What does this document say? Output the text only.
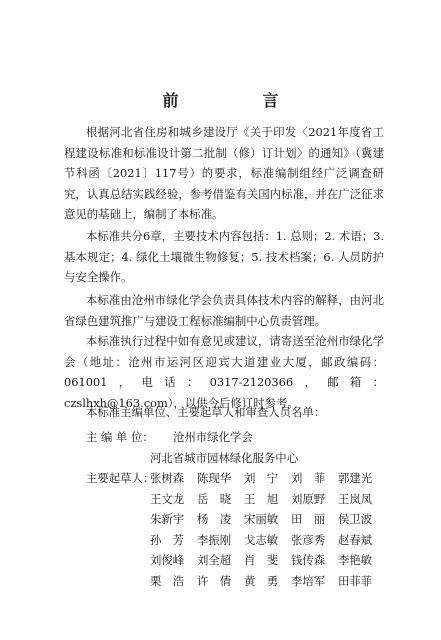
前　言

根据河北省住房和城乡建设厅《关于印发〈2021年度省工程建设标准和标准设计第二批制（修）订计划〉的通知》（冀建节科函〔2021〕117号）的要求，标准编制组经广泛调查研究，认真总结实践经验，参考借鉴有关国内标准，并在广泛征求意见的基础上，编制了本标准。

本标准共分6章，主要技术内容包括：1. 总则；2. 术语；3. 基本规定；4. 绿化土壤微生物修复；5. 技术档案；6. 人员防护与安全操作。

本标准由沧州市绿化学会负责具体技术内容的解释，由河北省绿色建筑推广与建设工程标准编制中心负责管理。

本标准执行过程中如有意见或建议，请寄送至沧州市绿化学会（地址：沧州市运河区迎宾大道建业大厦，邮政编码：061001，电话：0317-2120366，邮箱：czslhxh@163.com），以供今后修订时参考。

本标准主编单位、主要起草人和审查人员名单：

主 编 单 位： 沧州市绿化学会
河北省城市园林绿化服务中心
主要起草人：
张树森 陈现华 刘　宁 刘　菲 郭建光
王文龙 岳　晓 王　旭 刘原野 王岚凤
朱新宇 杨　凌 宋丽敏 田　丽 侯卫波
孙　芳 李振刚 戈志敏 张彦秀 赵春斌
刘俊峰 刘全超 肖　斐 钱传森 李艳敏
栗　浩 许　倩 黄　勇 李培军 田菲菲
